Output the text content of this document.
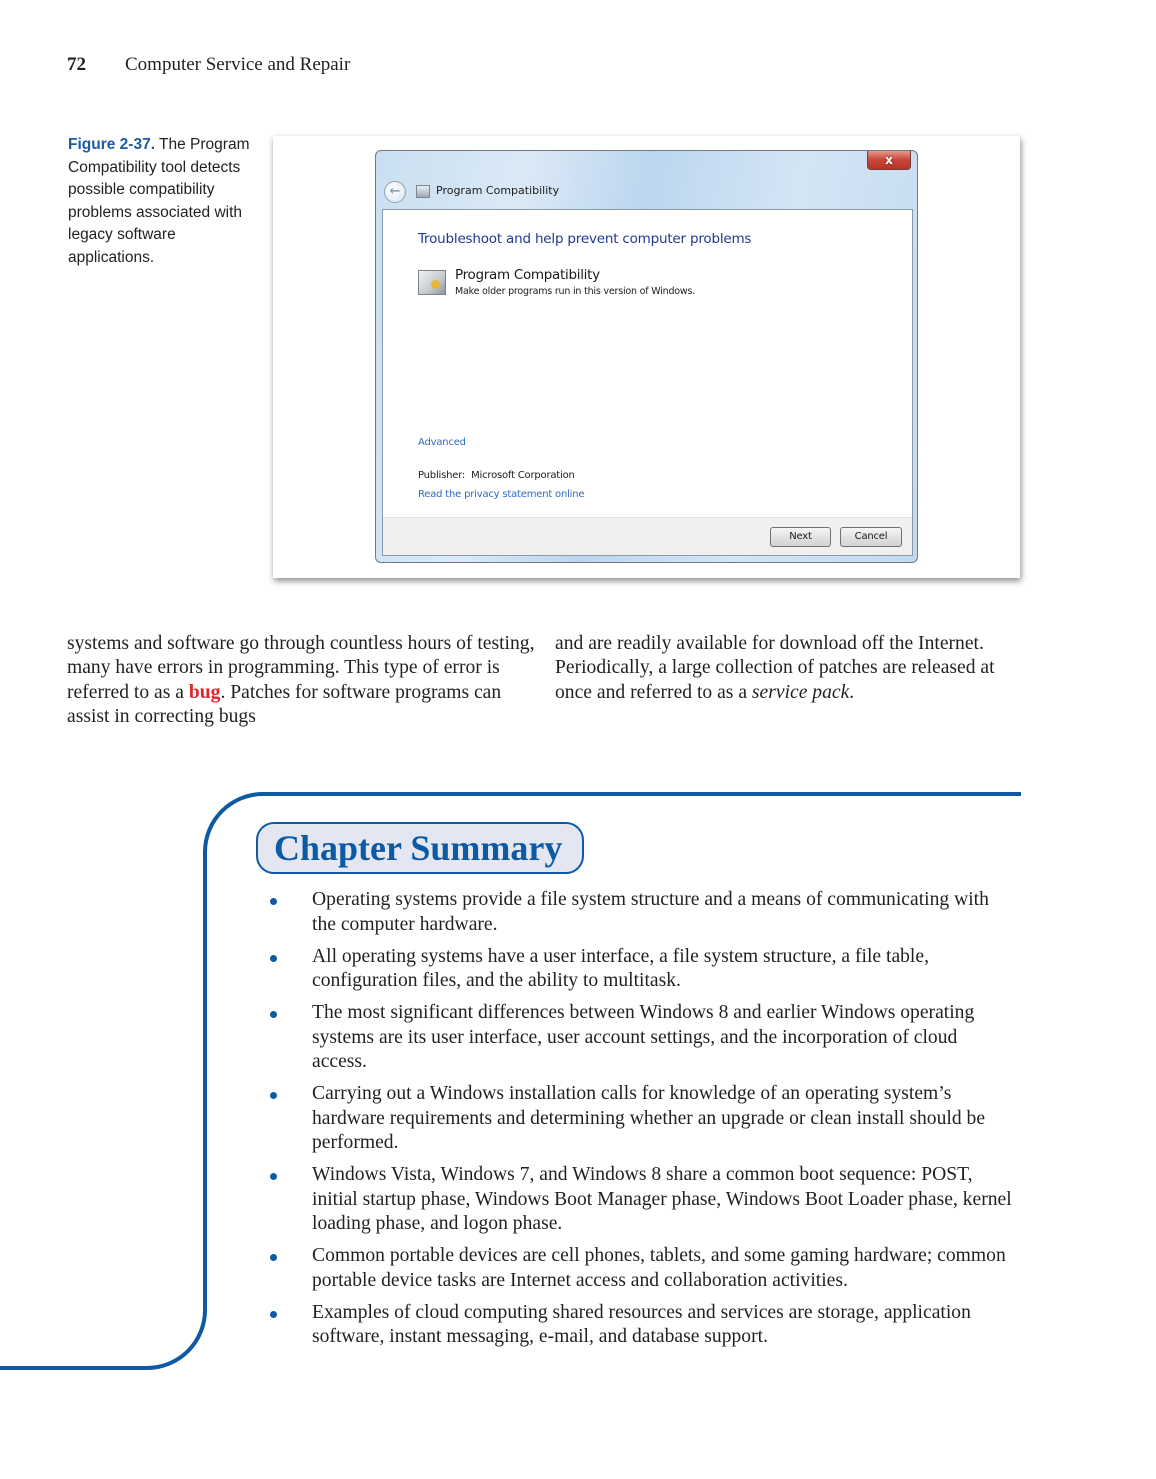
72	Computer Service and Repair
Figure 2-37. The Program Compatibility tool detects possible compatibility problems associated with legacy software applications.
x
←	Program Compatibility
Troubleshoot and help prevent computer problems
Program Compatibility
Make older programs run in this version of Windows.
Advanced
Publisher: Microsoft Corporation
Read the privacy statement online
Next	Cancel

systems and software go through countless hours of testing, many have errors in programming. This type of error is referred to as a bug. Patches for software programs can assist in correcting bugs

and are readily available for download off the Internet. Periodically, a large collection of patches are released at once and referred to as a service pack.

Chapter Summary
Operating systems provide a file system structure and a means of communicating with the computer hardware.
All operating systems have a user interface, a file system structure, a file table, configuration files, and the ability to multitask.
The most significant differences between Windows 8 and earlier Windows operating systems are its user interface, user account settings, and the incorporation of cloud access.
Carrying out a Windows installation calls for knowledge of an operating system’s hardware requirements and determining whether an upgrade or clean install should be performed.
Windows Vista, Windows 7, and Windows 8 share a common boot sequence: POST, initial startup phase, Windows Boot Manager phase, Windows Boot Loader phase, kernel loading phase, and logon phase.
Common portable devices are cell phones, tablets, and some gaming hardware; common portable device tasks are Internet access and collaboration activities.
Examples of cloud computing shared resources and services are storage, application software, instant messaging, e-mail, and database support.
